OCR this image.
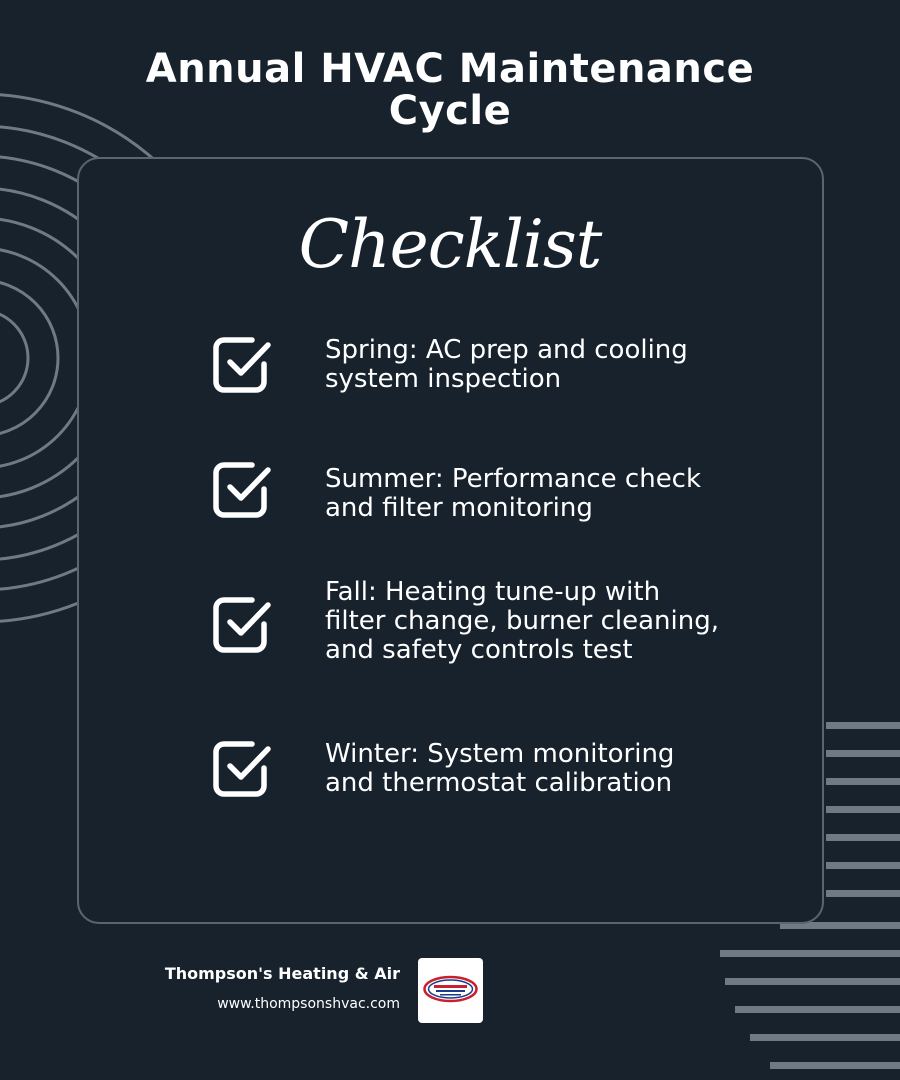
Annual HVAC Maintenance
Cycle
Checklist
Spring: AC prep and cooling
system inspection
Summer: Performance check
and filter monitoring
Fall: Heating tune-up with
filter change, burner cleaning,
and safety controls test
Winter: System monitoring
and thermostat calibration
Thompson's Heating & Air
www.thompsonshvac.com
